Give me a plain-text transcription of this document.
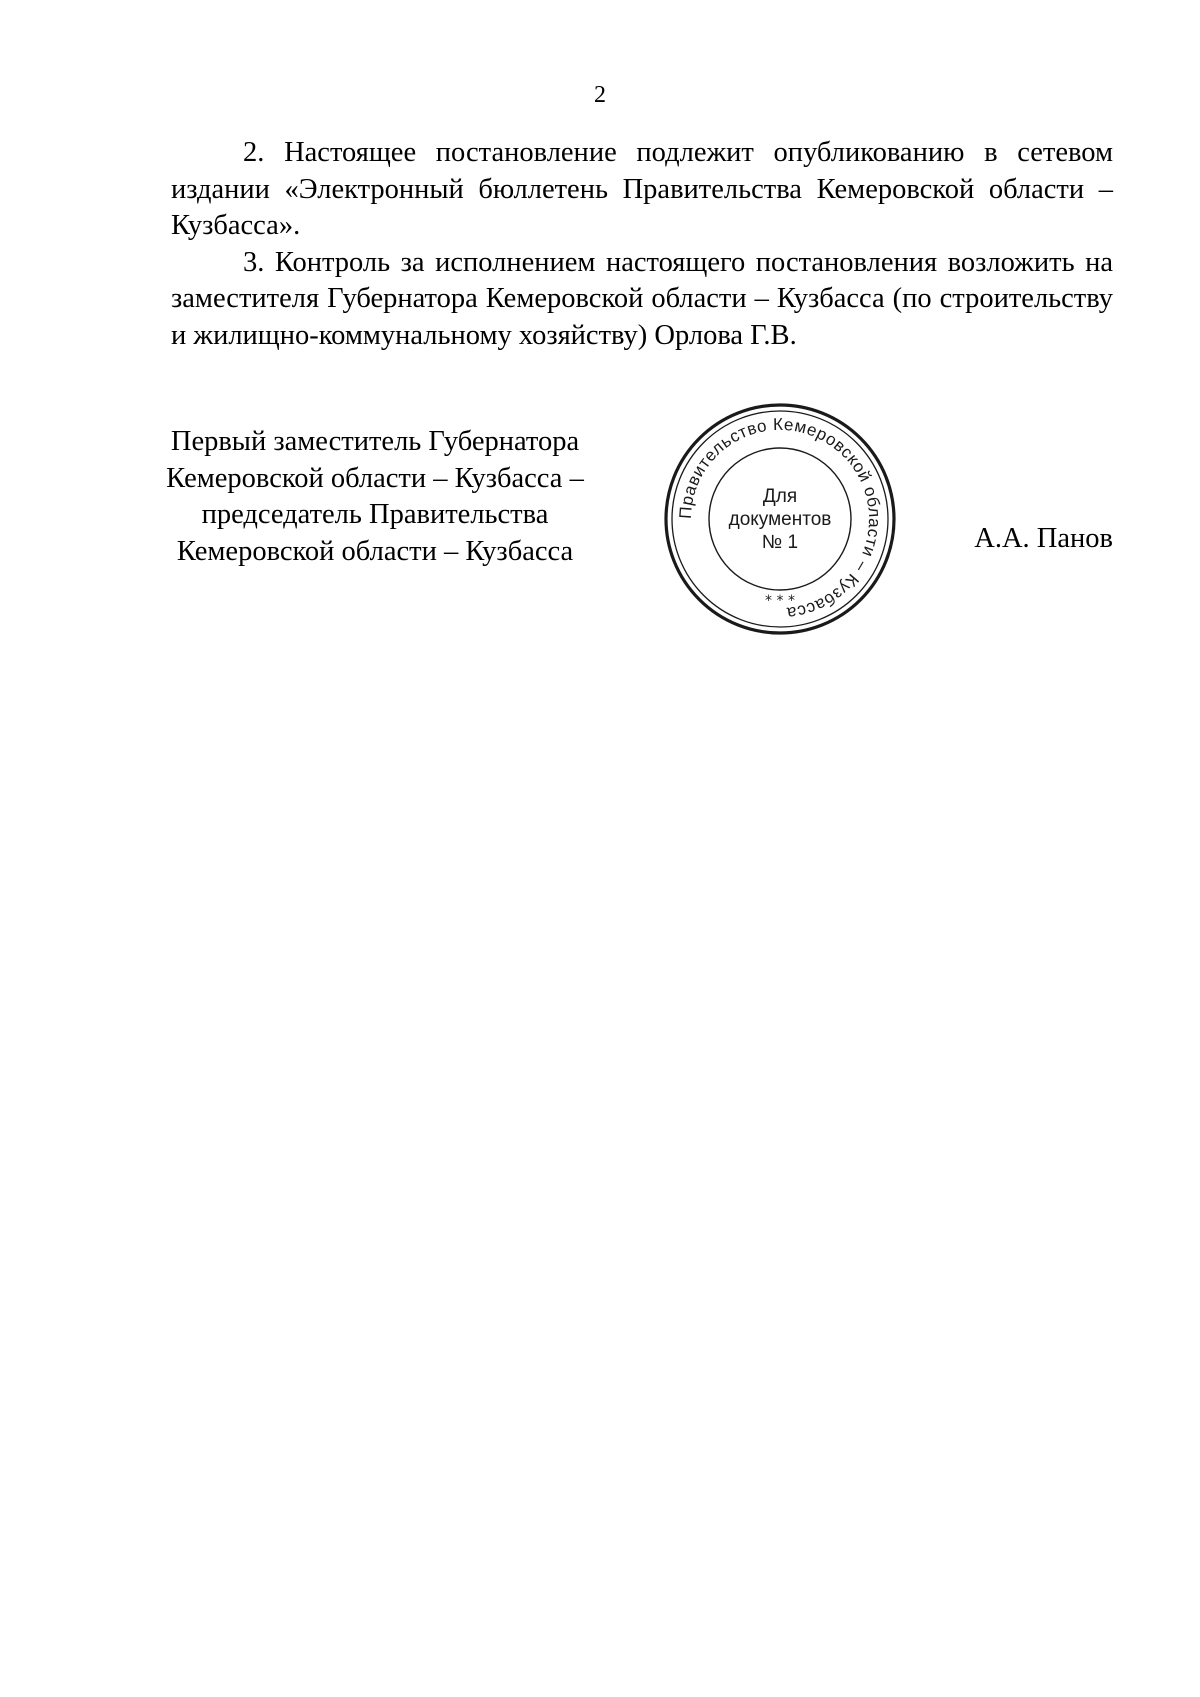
2

2. Настоящее постановление подлежит опубликованию в сетевом издании «Электронный бюллетень Правительства Кемеровской области – Кузбасса».

3. Контроль за исполнением настоящего постановления возложить на заместителя Губернатора Кемеровской области – Кузбасса (по строительству и жилищно-коммунальному хозяйству) Орлова Г.В.

Первый заместитель Губернатора
Кемеровской области – Кузбасса –
председатель Правительства
Кемеровской области – Кузбасса
Правительство Кемеровской области – Кузбасса
* * *
Для
документов
№ 1	А.А. Панов
